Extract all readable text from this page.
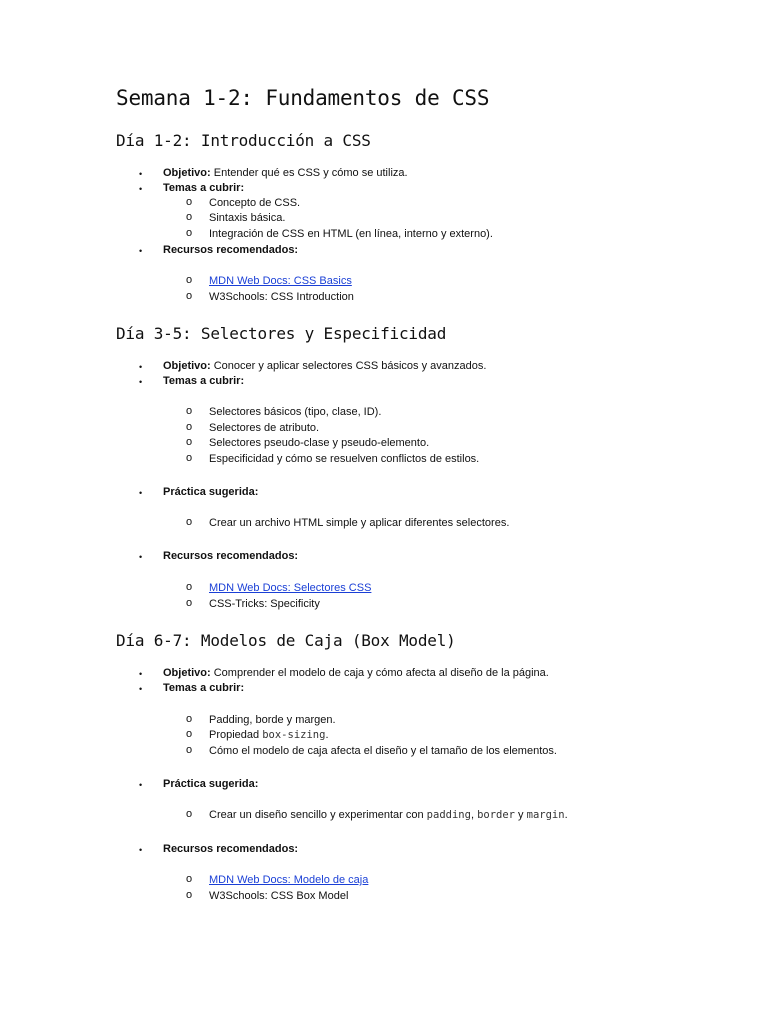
Semana 1-2: Fundamentos de CSS
Día 1-2: Introducción a CSS
• Objetivo: Entender qué es CSS y cómo se utiliza.
• Temas a cubrir:
o Concepto de CSS.
o Sintaxis básica.
o Integración de CSS en HTML (en línea, interno y externo).
• Recursos recomendados:
o MDN Web Docs: CSS Basics
o W3Schools: CSS Introduction
Día 3-5: Selectores y Especificidad
• Objetivo: Conocer y aplicar selectores CSS básicos y avanzados.
• Temas a cubrir:
o Selectores básicos (tipo, clase, ID).
o Selectores de atributo.
o Selectores pseudo-clase y pseudo-elemento.
o Especificidad y cómo se resuelven conflictos de estilos.
• Práctica sugerida:
o Crear un archivo HTML simple y aplicar diferentes selectores.
• Recursos recomendados:
o MDN Web Docs: Selectores CSS
o CSS-Tricks: Specificity
Día 6-7: Modelos de Caja (Box Model)
• Objetivo: Comprender el modelo de caja y cómo afecta al diseño de la página.
• Temas a cubrir:
o Padding, borde y margen.
o Propiedad box-sizing.
o Cómo el modelo de caja afecta el diseño y el tamaño de los elementos.
• Práctica sugerida:
o Crear un diseño sencillo y experimentar con padding, border y margin.
• Recursos recomendados:
o MDN Web Docs: Modelo de caja
o W3Schools: CSS Box Model
